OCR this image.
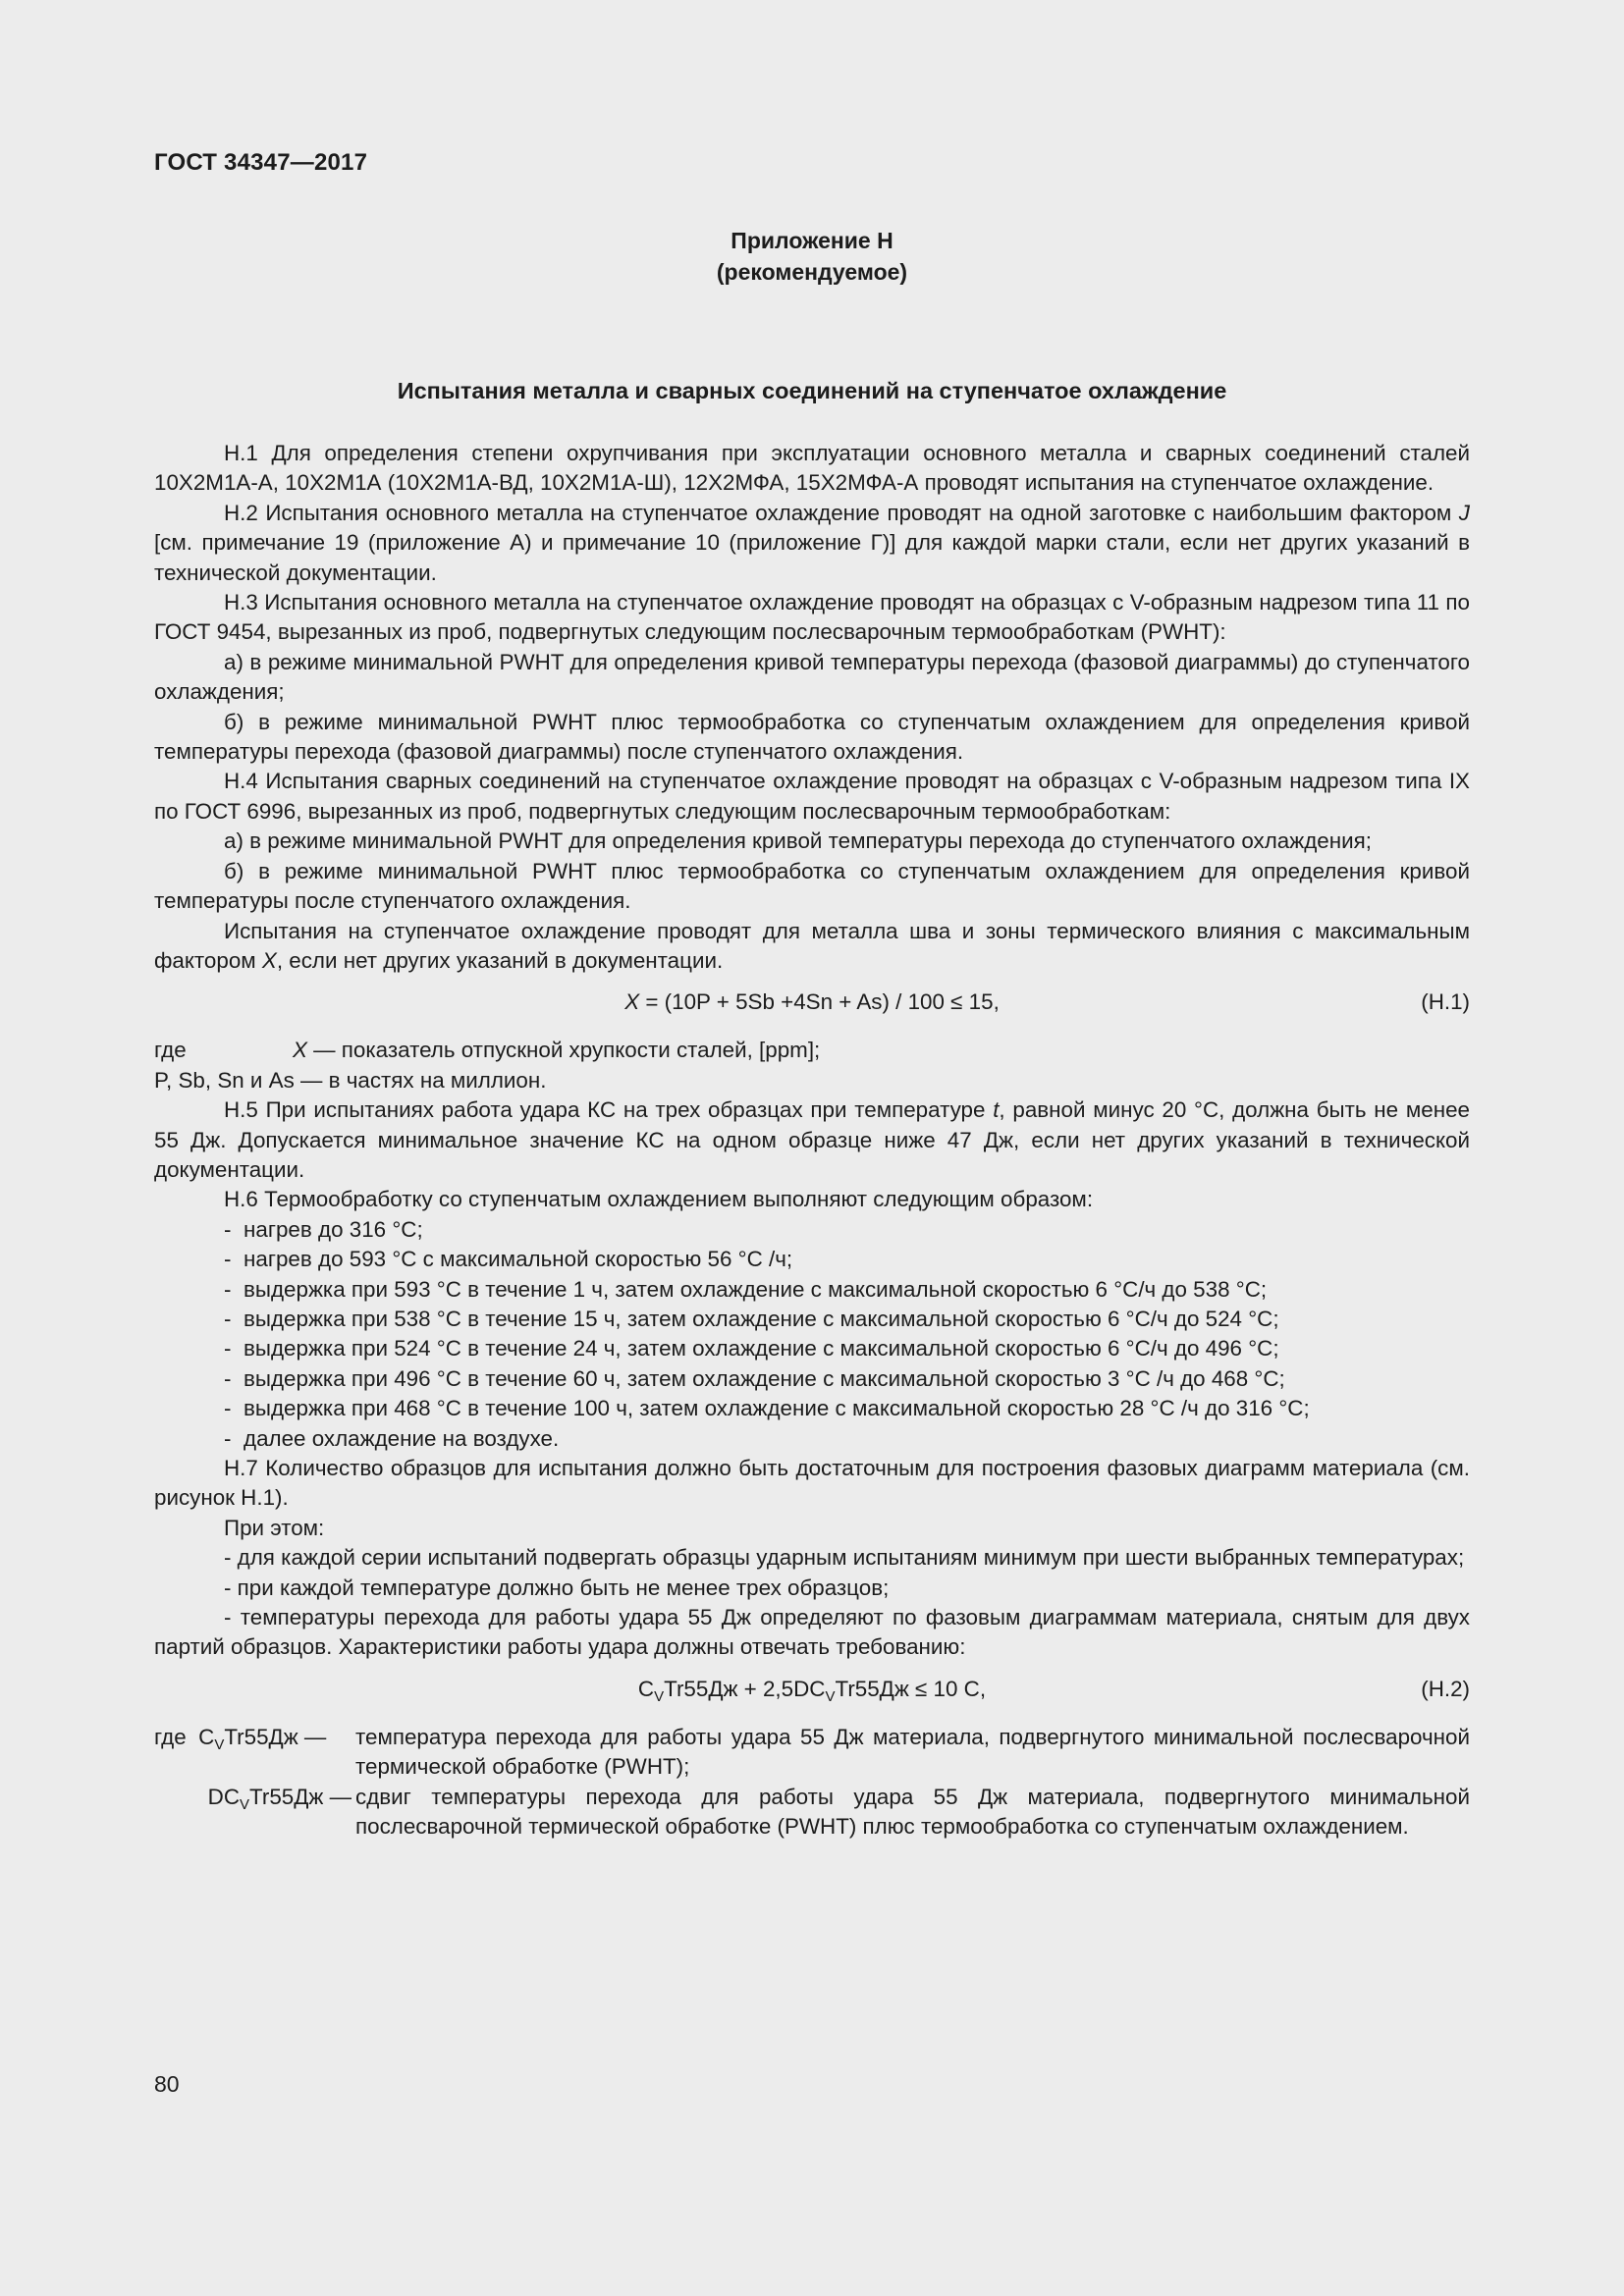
ГОСТ 34347—2017
Приложение Н
(рекомендуемое)
Испытания металла и сварных соединений на ступенчатое охлаждение

Н.1 Для определения степени охрупчивания при эксплуатации основного металла и сварных соединений сталей 10Х2М1А-А, 10Х2М1А (10Х2М1А-ВД, 10Х2М1А-Ш), 12Х2МФА, 15Х2МФА-А проводят испытания на ступенчатое охлаждение.

Н.2 Испытания основного металла на ступенчатое охлаждение проводят на одной заготовке с наибольшим фактором J [см. примечание 19 (приложение А) и примечание 10 (приложение Г)] для каждой марки стали, если нет других указаний в технической документации.

Н.3 Испытания основного металла на ступенчатое охлаждение проводят на образцах с V-образным надрезом типа 11 по ГОСТ 9454, вырезанных из проб, подвергнутых следующим послесварочным термообработкам (PWHT):

а) в режиме минимальной PWHT для определения кривой температуры перехода (фазовой диаграммы) до ступенчатого охлаждения;

б) в режиме минимальной PWHT плюс термообработка со ступенчатым охлаждением для определения кривой температуры перехода (фазовой диаграммы) после ступенчатого охлаждения.

Н.4 Испытания сварных соединений на ступенчатое охлаждение проводят на образцах с V-образным надрезом типа IX по ГОСТ 6996, вырезанных из проб, подвергнутых следующим послесварочным термообработкам:

а) в режиме минимальной PWHT для определения кривой температуры перехода до ступенчатого охлаждения;

б) в режиме минимальной PWHT плюс термообработка со ступенчатым охлаждением для определения кривой температуры после ступенчатого охлаждения.

Испытания на ступенчатое охлаждение проводят для металла шва и зоны термического влияния с максимальным фактором X, если нет других указаний в документации.

X = (10P + 5Sb +4Sn + As) / 100 ≤ 15,	(Н.1)
где	X — показатель отпускной хрупкости сталей, [ppm];

P, Sb, Sn и As — в частях на миллион.

Н.5 При испытаниях работа удара КС на трех образцах при температуре t, равной минус 20 °С, должна быть не менее 55 Дж. Допускается минимальное значение КС на одном образце ниже 47 Дж, если нет других указаний в технической документации.

Н.6 Термообработку со ступенчатым охлаждением выполняют следующим образом:

- нагрев до 316 °С;
- нагрев до 593 °С с максимальной скоростью 56 °С /ч;
- выдержка при 593 °С в течение 1 ч, затем охлаждение с максимальной скоростью 6 °С/ч до 538 °С;
- выдержка при 538 °С в течение 15 ч, затем охлаждение с максимальной скоростью 6 °С/ч до 524 °С;
- выдержка при 524 °С в течение 24 ч, затем охлаждение с максимальной скоростью 6 °С/ч до 496 °С;
- выдержка при 496 °С в течение 60 ч, затем охлаждение с максимальной скоростью 3 °С /ч до 468 °С;
- выдержка при 468 °С в течение 100 ч, затем охлаждение с максимальной скоростью 28 °С /ч до 316 °С;
- далее охлаждение на воздухе.

Н.7 Количество образцов для испытания должно быть достаточным для построения фазовых диаграмм материала (см. рисунок Н.1).

При этом:

- для каждой серии испытаний подвергать образцы ударным испытаниям минимум при шести выбранных температурах;

- при каждой температуре должно быть не менее трех образцов;

- температуры перехода для работы удара 55 Дж определяют по фазовым диаграммам материала, снятым для двух партий образцов. Характеристики работы удара должны отвечать требованию:

$C_VTr55Дж + 2,5DC_VTr55Дж \le 10$ С,	(Н.2)
где $C_VTr55Дж$ —	температура перехода для работы удара 55 Дж материала, подвергнутого минимальной послесварочной термической обработке (PWHT);
$DC_VTr55Дж$ — сдвиг температуры перехода для работы удара 55 Дж материала, подвергнутого минимальной послесварочной термической обработке (PWHT) плюс термообработка со ступенчатым охлаждением.
80
